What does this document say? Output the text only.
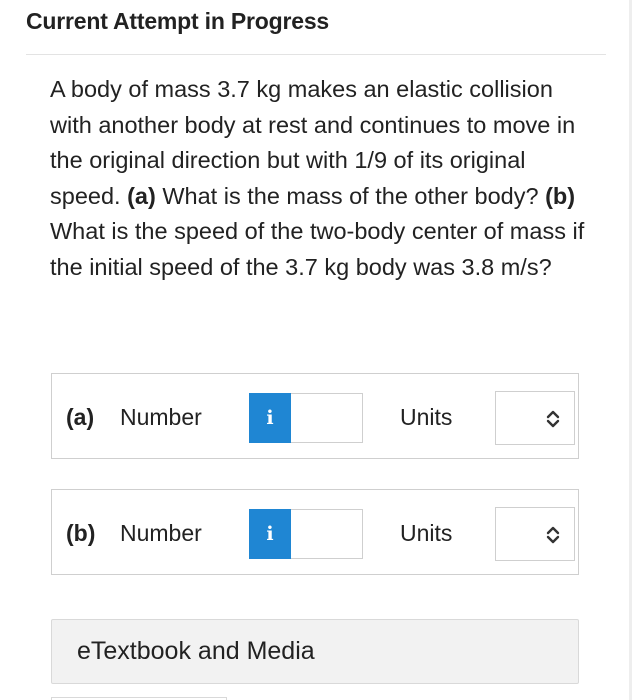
Current Attempt in Progress
A body of mass 3.7 kg makes an elastic collision with another body at rest and continues to move in the original direction but with 1/9 of its original speed. (a) What is the mass of the other body? (b) What is the speed of the two-body center of mass if the initial speed of the 3.7 kg body was 3.8 m/s?
(a) Number	i	Units
(b) Number	i	Units
eTextbook and Media
